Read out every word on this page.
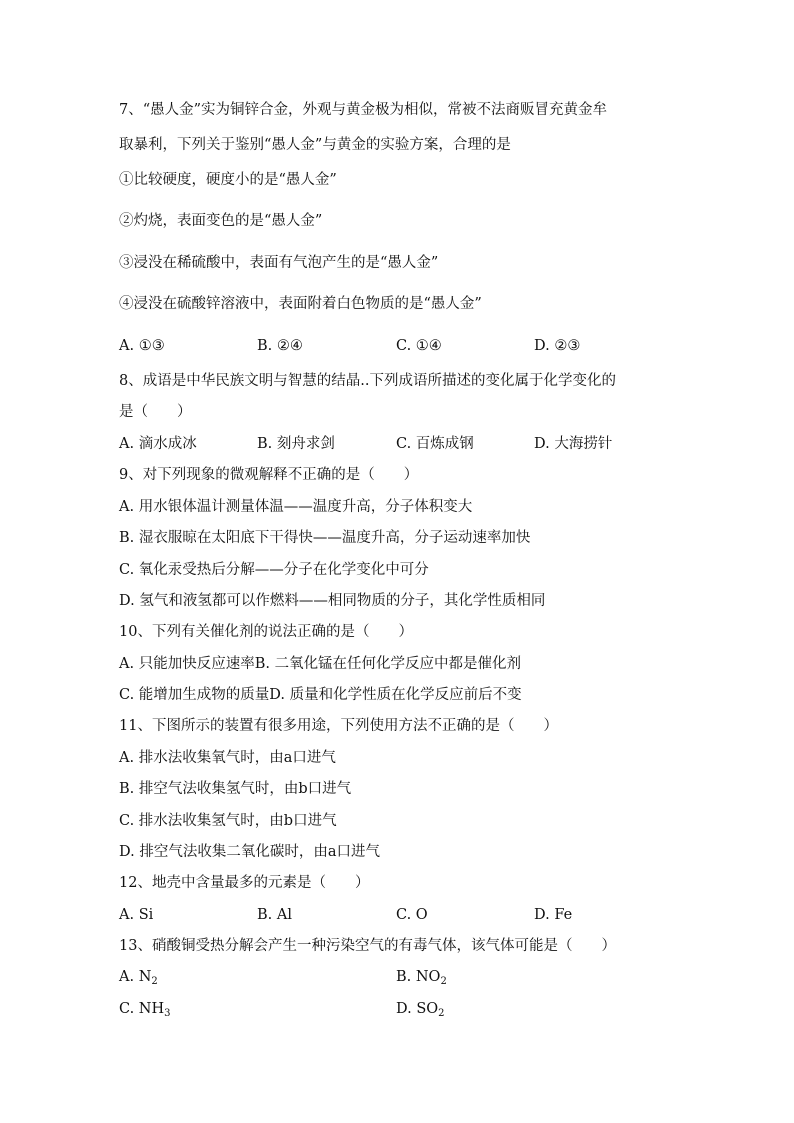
7、“愚人金”实为铜锌合金，外观与黄金极为相似，常被不法商贩冒充黄金牟
取暴利，下列关于鉴别“愚人金”与黄金的实验方案，合理的是
①比较硬度，硬度小的是“愚人金”
②灼烧，表面变色的是“愚人金”
③浸没在稀硫酸中，表面有气泡产生的是“愚人金”
④浸没在硫酸锌溶液中，表面附着白色物质的是“愚人金”
A. ①③	B. ②④	C. ①④	D. ②③
8、成语是中华民族文明与智慧的结晶..下列成语所描述的变化属于化学变化的
是（　　）
A. 滴水成冰	B. 刻舟求剑	C. 百炼成钢	D. 大海捞针
9、对下列现象的微观解释不正确的是（　　）
A. 用水银体温计测量体温——温度升高，分子体积变大
B. 湿衣服晾在太阳底下干得快——温度升高，分子运动速率加快
C. 氧化汞受热后分解——分子在化学变化中可分
D. 氢气和液氢都可以作燃料——相同物质的分子，其化学性质相同
10、下列有关催化剂的说法正确的是（　　）
A. 只能加快反应速率B. 二氧化锰在任何化学反应中都是催化剂
C. 能增加生成物的质量D. 质量和化学性质在化学反应前后不变
11、下图所示的装置有很多用途，下列使用方法不正确的是（　　）
A. 排水法收集氧气时，由a口进气
B. 排空气法收集氢气时，由b口进气
C. 排水法收集氢气时，由b口进气
D. 排空气法收集二氧化碳时，由a口进气
12、地壳中含量最多的元素是（　　）
A. Si	B. Al	C. O	D. Fe
13、硝酸铜受热分解会产生一种污染空气的有毒气体，该气体可能是（　　）
A. $N_2$	B. $NO_2$
C. $NH_3$	D. $SO_2$
